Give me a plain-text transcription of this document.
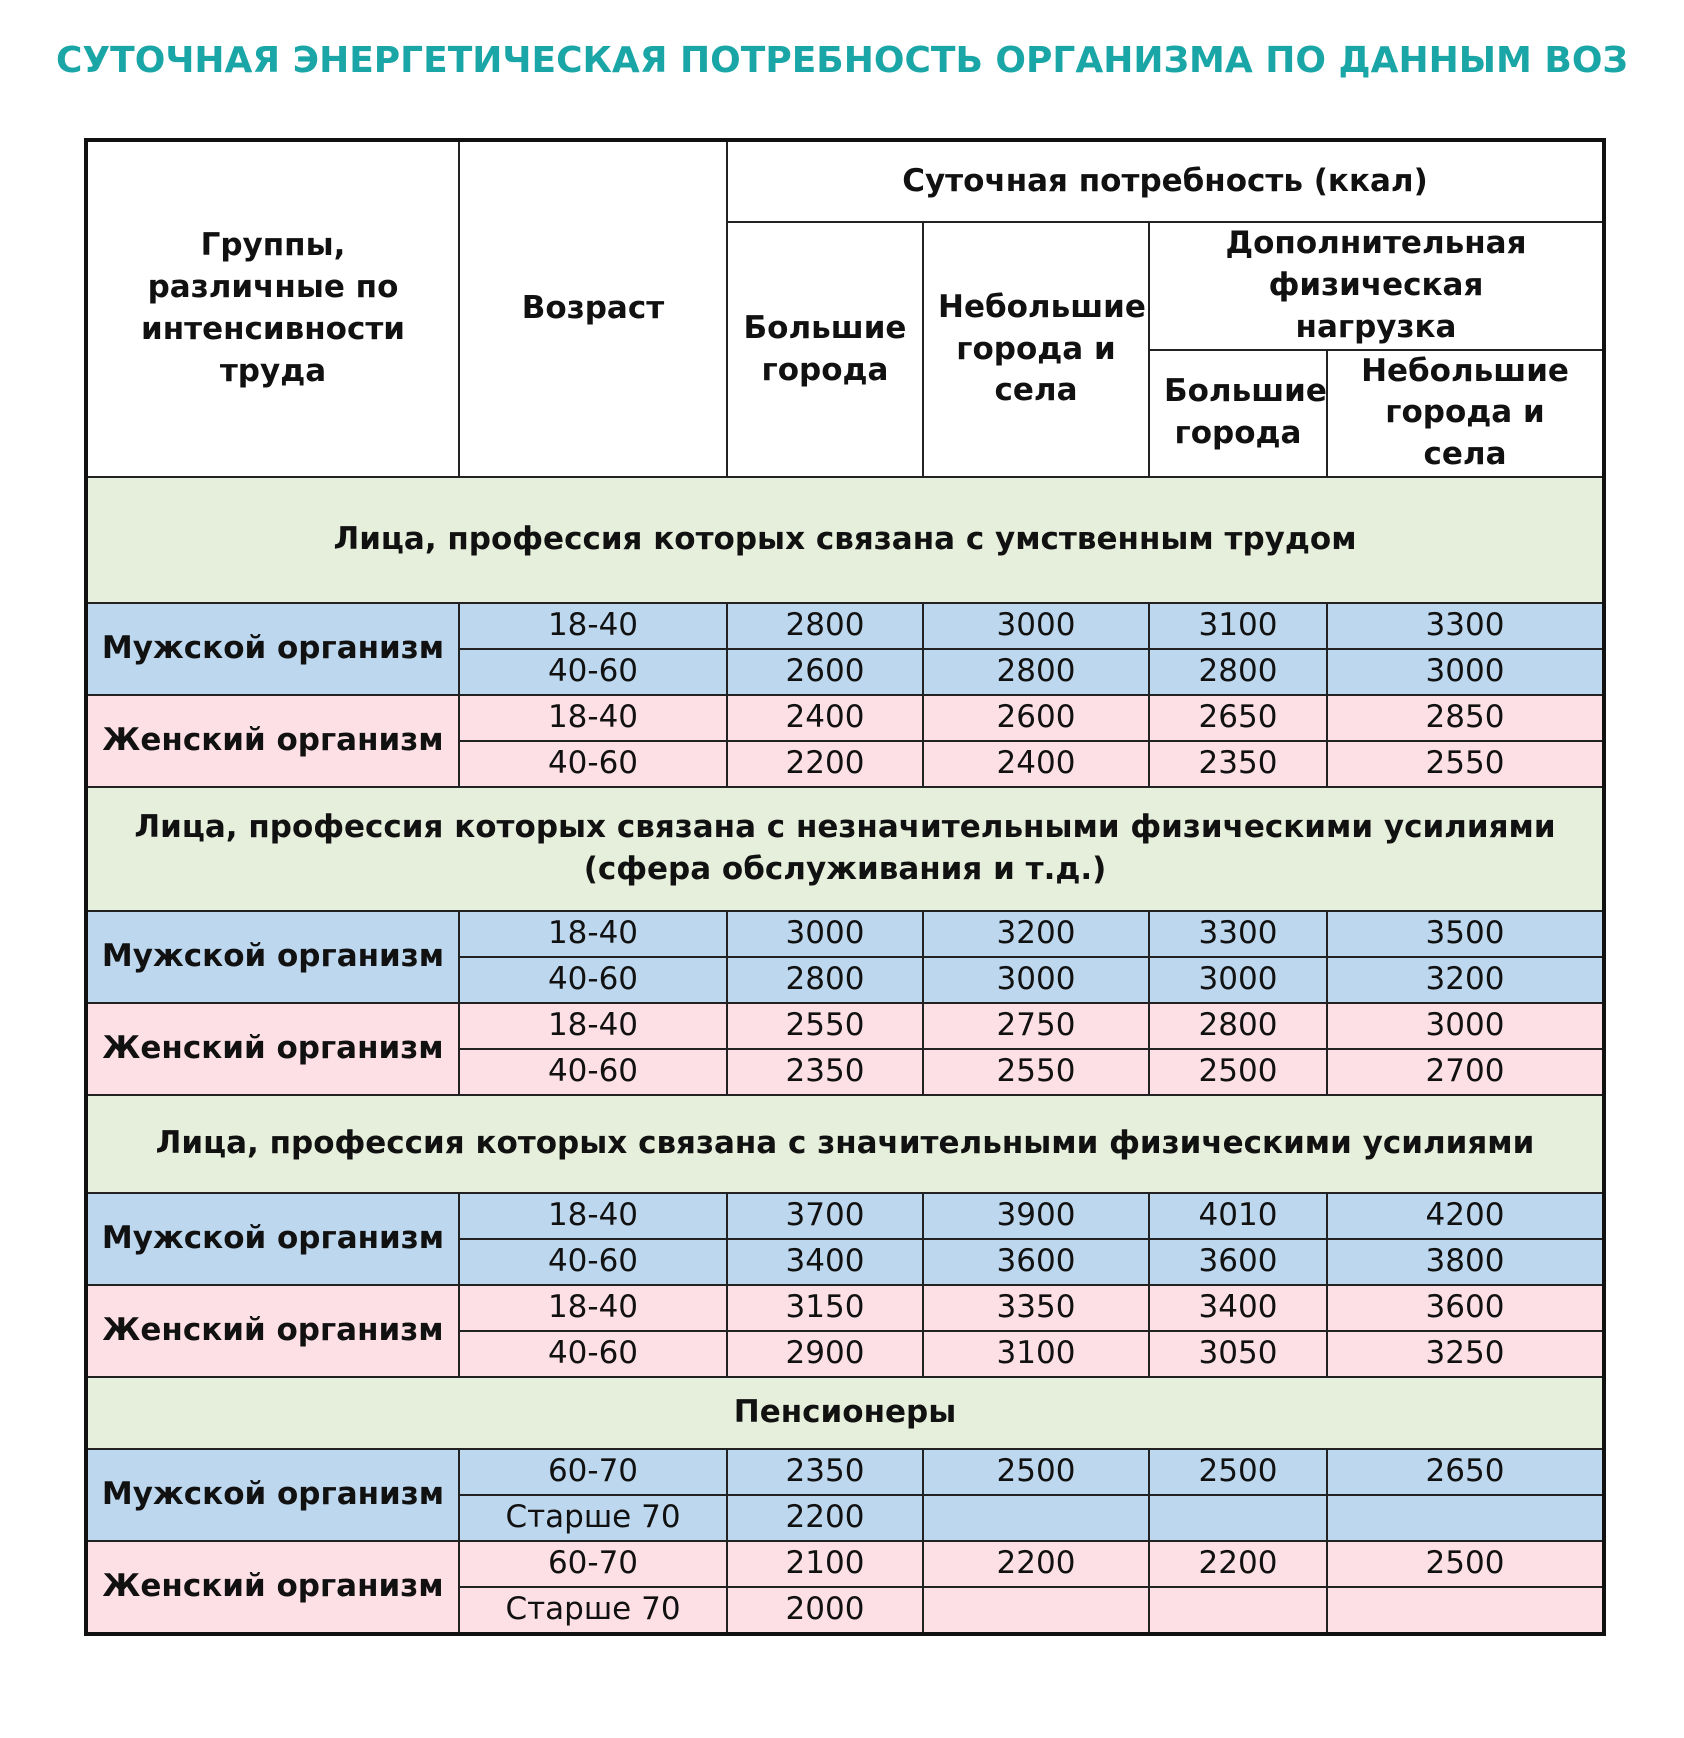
СУТОЧНАЯ ЭНЕРГЕТИЧЕСКАЯ ПОТРЕБНОСТЬ ОРГАНИЗМА ПО ДАННЫМ ВОЗ
Группы, различные по интенсивности труда	Возраст	Суточная потребность (ккал)			
		Большие города	Небольшие города и села	Дополнительная физическая нагрузка	
				Большие города	Небольшие города и села
Лица, профессия которых связана с умственным трудом					
Мужской организм	18-40	2800	3000	3100	3300
	40-60	2600	2800	2800	3000
Женский организм	18-40	2400	2600	2650	2850
	40-60	2200	2400	2350	2550
Лица, профессия которых связана с незначительными физическими усилиями (сфера обслуживания и т.д.)					
Мужской организм	18-40	3000	3200	3300	3500
	40-60	2800	3000	3000	3200
Женский организм	18-40	2550	2750	2800	3000
	40-60	2350	2550	2500	2700
Лица, профессия которых связана с значительными физическими усилиями					
Мужской организм	18-40	3700	3900	4010	4200
	40-60	3400	3600	3600	3800
Женский организм	18-40	3150	3350	3400	3600
	40-60	2900	3100	3050	3250
Пенсионеры					
Мужской организм	60-70	2350	2500	2500	2650
	Старше 70	2200			
Женский организм	60-70	2100	2200	2200	2500
	Старше 70	2000			
